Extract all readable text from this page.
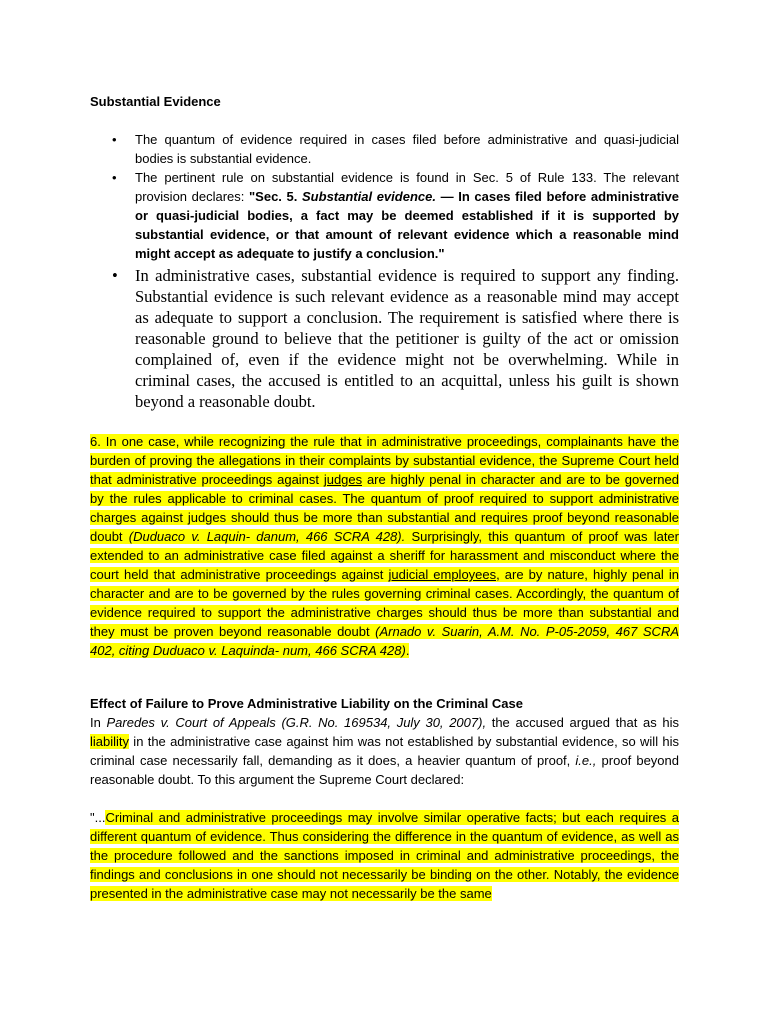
Substantial Evidence

• The quantum of evidence required in cases filed before administrative and quasi-judicial bodies is substantial evidence.
• The pertinent rule on substantial evidence is found in Sec. 5 of Rule 133. The relevant provision declares: "Sec. 5. Substantial evidence. — In cases filed before administrative or quasi-judicial bodies, a fact may be deemed established if it is supported by substantial evidence, or that amount of relevant evidence which a reasonable mind might accept as adequate to justify a conclusion."
• In administrative cases, substantial evidence is required to support any finding. Substantial evidence is such relevant evidence as a reasonable mind may accept as adequate to support a conclusion. The requirement is satisfied where there is reasonable ground to believe that the petitioner is guilty of the act or omission complained of, even if the evidence might not be overwhelming. While in criminal cases, the accused is entitled to an acquittal, unless his guilt is shown beyond a reasonable doubt.

6. In one case, while recognizing the rule that in administrative proceedings, complainants have the burden of proving the allegations in their complaints by substantial evidence, the Supreme Court held that administrative proceedings against judges are highly penal in character and are to be governed by the rules applicable to criminal cases. The quantum of proof required to support administrative charges against judges should thus be more than substantial and requires proof beyond reasonable doubt (Duduaco v. Laquin- danum, 466 SCRA 428). Surprisingly, this quantum of proof was later extended to an administrative case filed against a sheriff for harassment and misconduct where the court held that administrative proceedings against judicial employees, are by nature, highly penal in character and are to be governed by the rules governing criminal cases. Accordingly, the quantum of evidence required to support the administrative charges should thus be more than substantial and they must be proven beyond reasonable doubt (Arnado v. Suarin, A.M. No. P-05-2059, 467 SCRA 402, citing Duduaco v. Laquinda- num, 466 SCRA 428).

Effect of Failure to Prove Administrative Liability on the Criminal Case

In Paredes v. Court of Appeals (G.R. No. 169534, July 30, 2007), the accused argued that as his liability in the administrative case against him was not established by substantial evidence, so will his criminal case necessarily fall, demanding as it does, a heavier quantum of proof, i.e., proof beyond reasonable doubt. To this argument the Supreme Court declared:

"...Criminal and administrative proceedings may involve similar operative facts; but each requires a different quantum of evidence. Thus considering the difference in the quantum of evidence, as well as the procedure followed and the sanctions imposed in criminal and administrative proceedings, the findings and conclusions in one should not necessarily be binding on the other. Notably, the evidence presented in the administrative case may not necessarily be the same
